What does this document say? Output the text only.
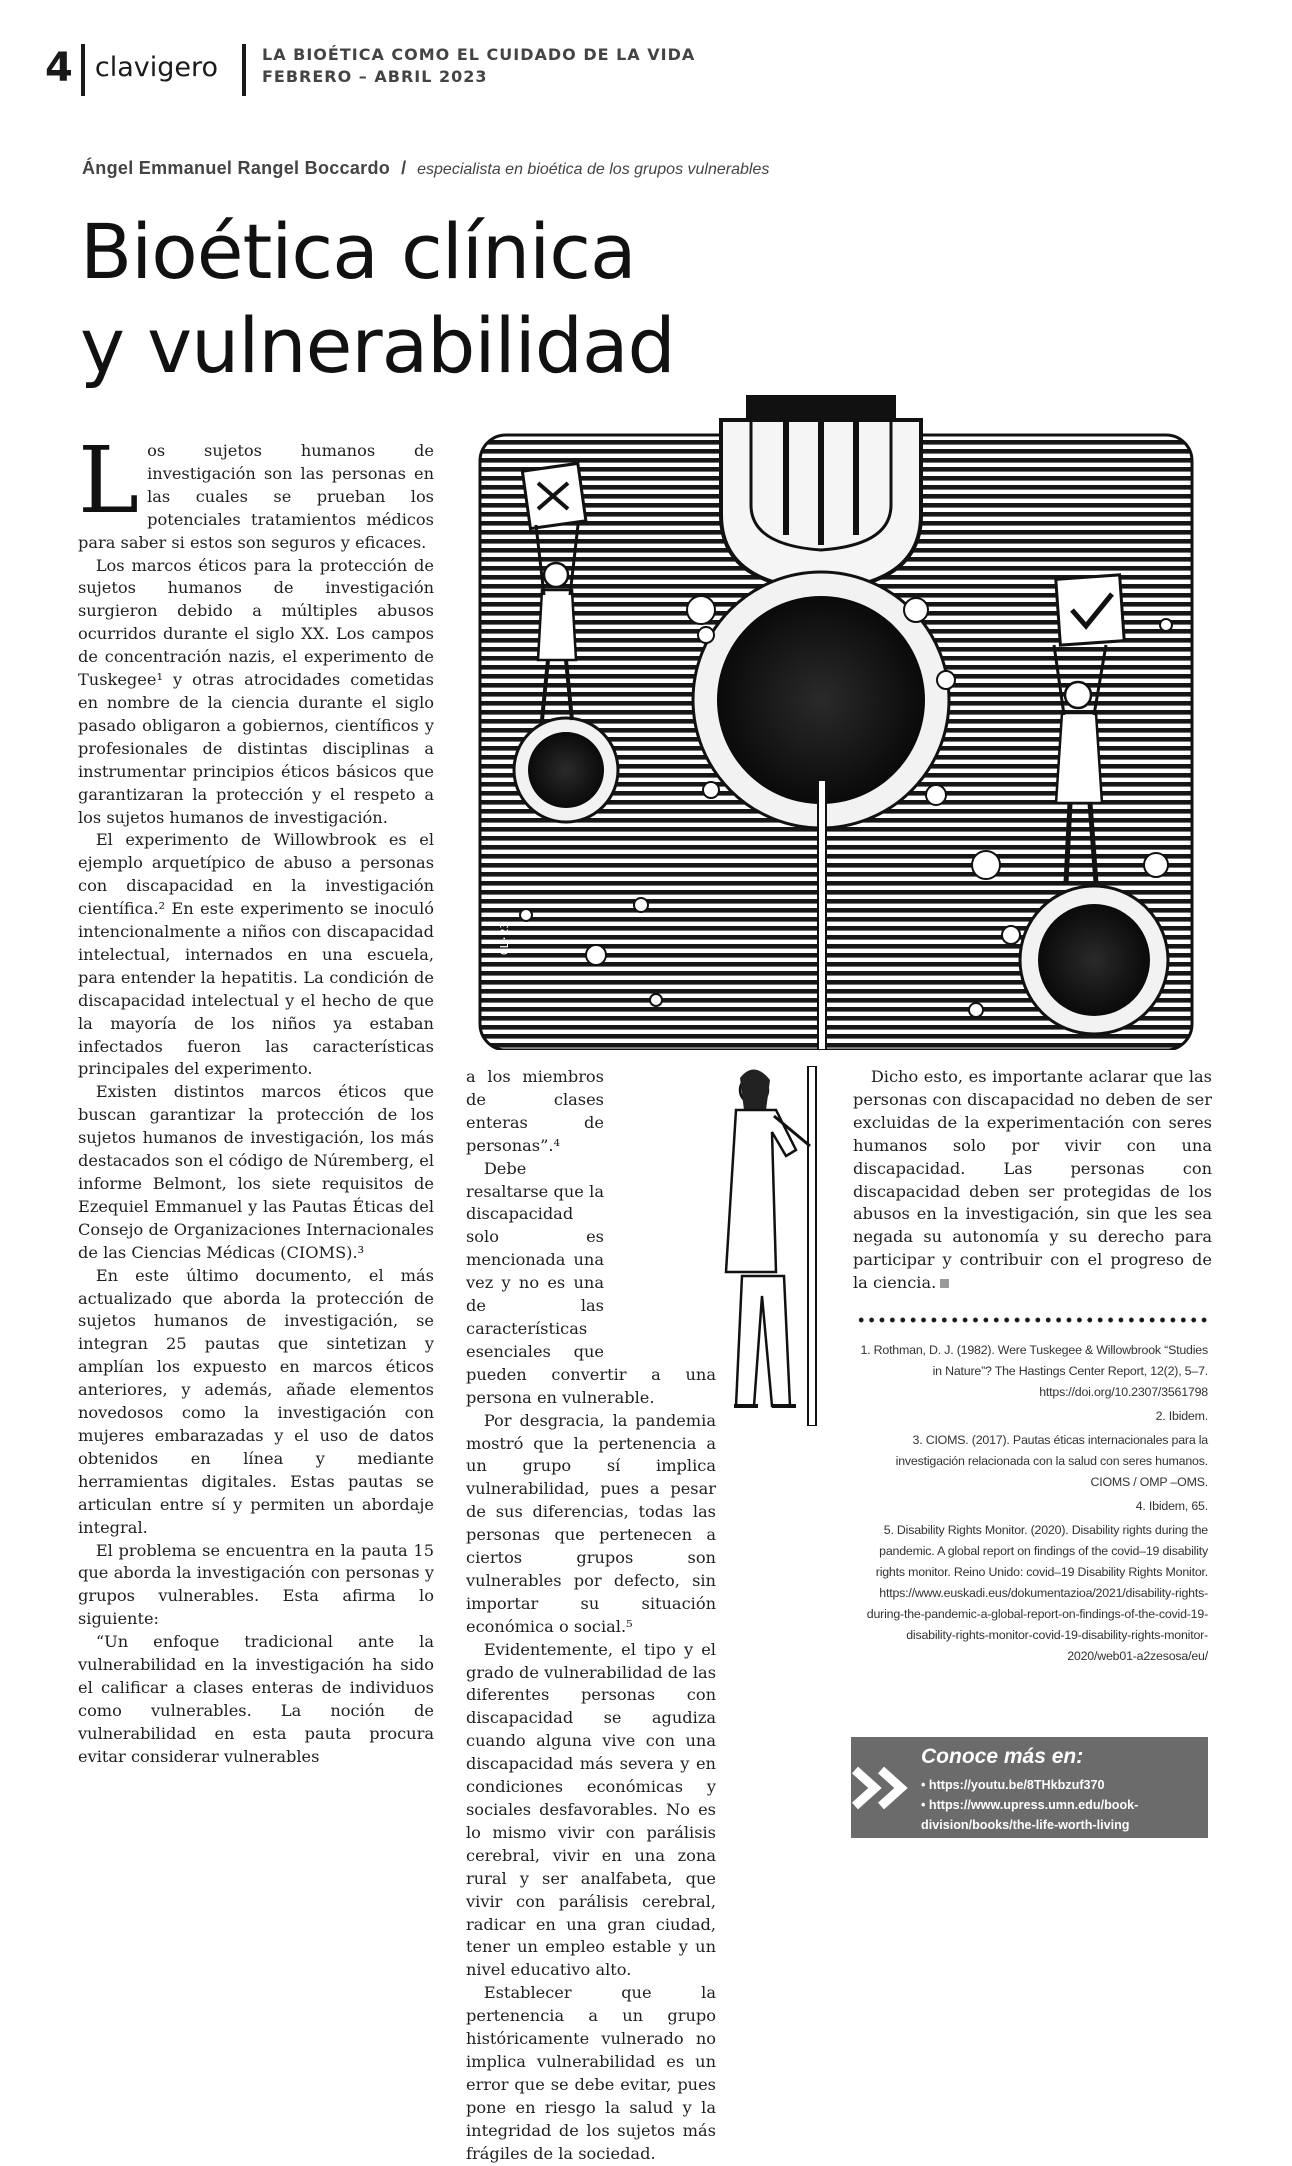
4 clavigero	LA BIOÉTICA COMO EL CUIDADO DE LA VIDA
FEBRERO – ABRIL 2023
Ángel Emmanuel Rangel Boccardo / especialista en bioética de los grupos vulnerables
Bioética clínica
y vulnerabilidad
GL·23

Los sujetos humanos de investigación son las personas en las cuales se prueban los potenciales tratamientos médicos para saber si estos son seguros y eficaces.

Los marcos éticos para la protección de sujetos humanos de investigación surgieron debido a múltiples abusos ocurridos durante el siglo XX. Los campos de concentración nazis, el experimento de Tuskegee¹ y otras atrocidades cometidas en nombre de la ciencia durante el siglo pasado obligaron a gobiernos, científicos y profesionales de distintas disciplinas a instrumentar principios éticos básicos que garantizaran la protección y el respeto a los sujetos humanos de investigación.

El experimento de Willowbrook es el ejemplo arquetípico de abuso a personas con discapacidad en la investigación científica.² En este experimento se inoculó intencionalmente a niños con discapacidad intelectual, internados en una escuela, para entender la hepatitis. La condición de discapacidad intelectual y el hecho de que la mayoría de los niños ya estaban infectados fueron las características principales del experimento.

Existen distintos marcos éticos que buscan garantizar la protección de los sujetos humanos de investigación, los más destacados son el código de Núremberg, el informe Belmont, los siete requisitos de Ezequiel Emmanuel y las Pautas Éticas del Consejo de Organizaciones Internacionales de las Ciencias Médicas (CIOMS).³

En este último documento, el más actualizado que aborda la protección de sujetos humanos de investigación, se integran 25 pautas que sintetizan y amplían los expuesto en marcos éticos anteriores, y además, añade elementos novedosos como la investigación con mujeres embarazadas y el uso de datos obtenidos en línea y mediante herramientas digitales. Estas pautas se articulan entre sí y permiten un abordaje integral.

El problema se encuentra en la pauta 15 que aborda la investigación con personas y grupos vulnerables. Esta afirma lo siguiente:

“Un enfoque tradicional ante la vulnerabilidad en la investigación ha sido el calificar a clases enteras de individuos como vulnerables. La noción de vulnerabilidad en esta pauta procura evitar considerar vulnerables

a los miembros de clases enteras de personas”.⁴

Debe resaltarse que la discapacidad solo es mencionada una vez y no es una de las características esenciales que pueden convertir a una persona en vulnerable.

Por desgracia, la pandemia mostró que la pertenencia a un grupo sí implica vulnerabilidad, pues a pesar de sus diferencias, todas las personas que pertenecen a ciertos grupos son vulnerables por defecto, sin importar su situación económica o social.⁵

Evidentemente, el tipo y el grado de vulnerabilidad de las diferentes personas con discapacidad se agudiza cuando alguna vive con una discapacidad más severa y en condiciones económicas y sociales desfavorables. No es lo mismo vivir con parálisis cerebral, vivir en una zona rural y ser analfabeta, que vivir con parálisis cerebral, radicar en una gran ciudad, tener un empleo estable y un nivel educativo alto.

Establecer que la pertenencia a un grupo históricamente vulnerado no implica vulnerabilidad es un error que se debe evitar, pues pone en riesgo la salud y la integridad de los sujetos más frágiles de la sociedad.

Dicho esto, es importante aclarar que las personas con discapacidad no deben de ser excluidas de la experimentación con seres humanos solo por vivir con una discapacidad. Las personas con discapacidad deben ser protegidas de los abusos en la investigación, sin que les sea negada su autonomía y su derecho para participar y contribuir con el progreso de la ciencia.

1. Rothman, D. J. (1982). Were Tuskegee & Willowbrook “Studies in Nature”? The Hastings Center Report, 12(2), 5–7. https://doi.org/10.2307/3561798

2. Ibidem.

3. CIOMS. (2017). Pautas éticas internacionales para la investigación relacionada con la salud con seres humanos. CIOMS / OMP –OMS.

4. Ibidem, 65.

5. Disability Rights Monitor. (2020). Disability rights during the pandemic. A global report on findings of the covid–19 disability rights monitor. Reino Unido: covid–19 Disability Rights Monitor. https://www.euskadi.eus/dokumentazioa/2021/disability-rights-during-the-pandemic-a-global-report-on-findings-of-the-covid-19-disability-rights-monitor-covid-19-disability-rights-monitor-2020/web01-a2zesosa/eu/

Conoce más en:
• https://youtu.be/8THkbzuf370
• https://www.upress.umn.edu/book-division/books/the-life-worth-living
